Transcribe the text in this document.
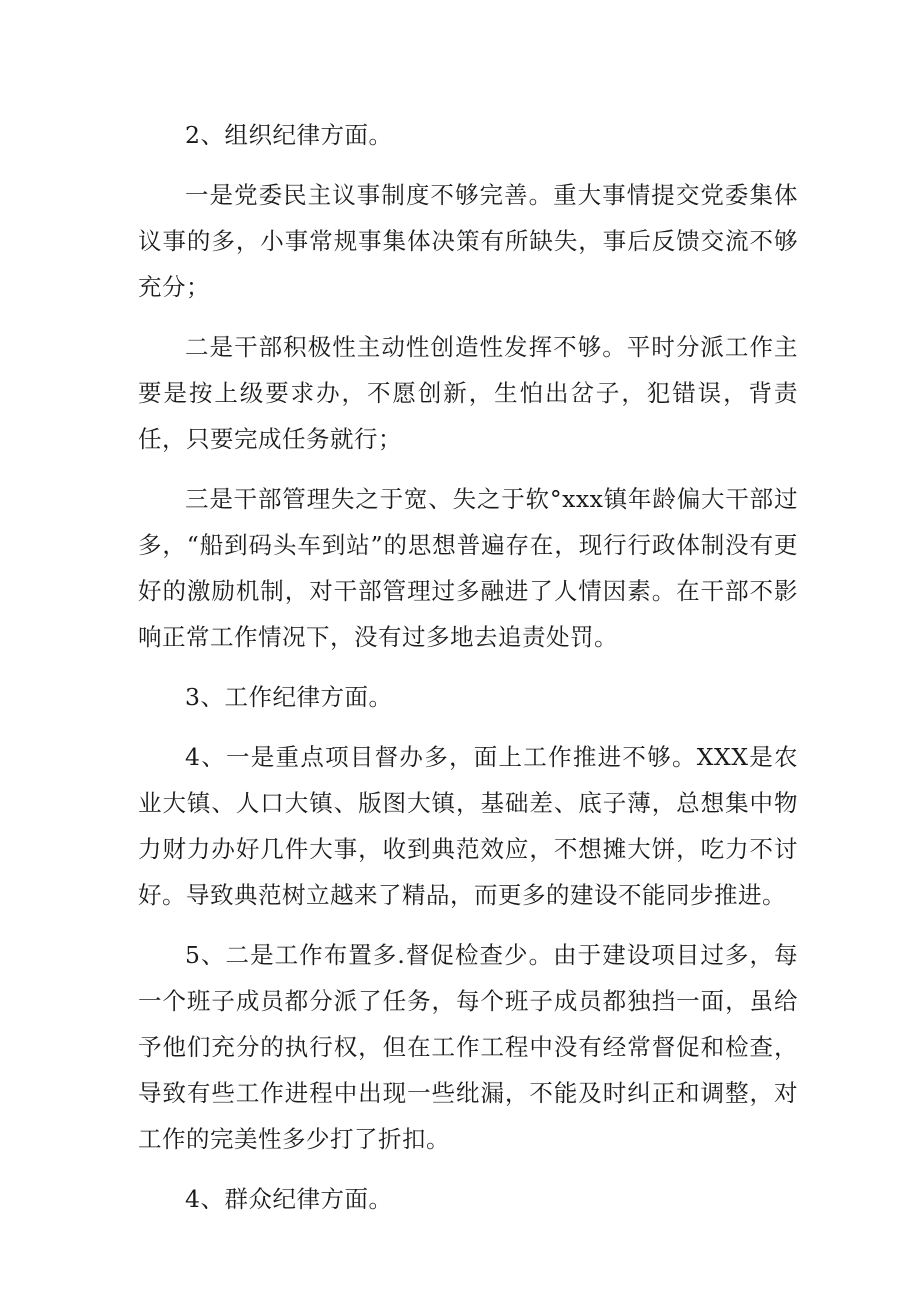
2、组织纪律方面。

一是党委民主议事制度不够完善。重大事情提交党委集体议事的多，小事常规事集体决策有所缺失，事后反馈交流不够充分；

二是干部积极性主动性创造性发挥不够。平时分派工作主要是按上级要求办，不愿创新，生怕出岔子，犯错误，背责任，只要完成任务就行；

三是干部管理失之于宽、失之于软°xxx镇年龄偏大干部过多，“船到码头车到站”的思想普遍存在，现行行政体制没有更好的激励机制，对干部管理过多融进了人情因素。在干部不影响正常工作情况下，没有过多地去追责处罚。

3、工作纪律方面。

4、一是重点项目督办多，面上工作推进不够。XXX是农业大镇、人口大镇、版图大镇，基础差、底子薄，总想集中物力财力办好几件大事，收到典范效应，不想摊大饼，吃力不讨好。导致典范树立越来了精品，而更多的建设不能同步推进。

5、二是工作布置多.督促检查少。由于建设项目过多，每一个班子成员都分派了任务，每个班子成员都独挡一面，虽给予他们充分的执行权，但在工作工程中没有经常督促和检查，导致有些工作进程中出现一些纰漏，不能及时纠正和调整，对工作的完美性多少打了折扣。

4、群众纪律方面。
